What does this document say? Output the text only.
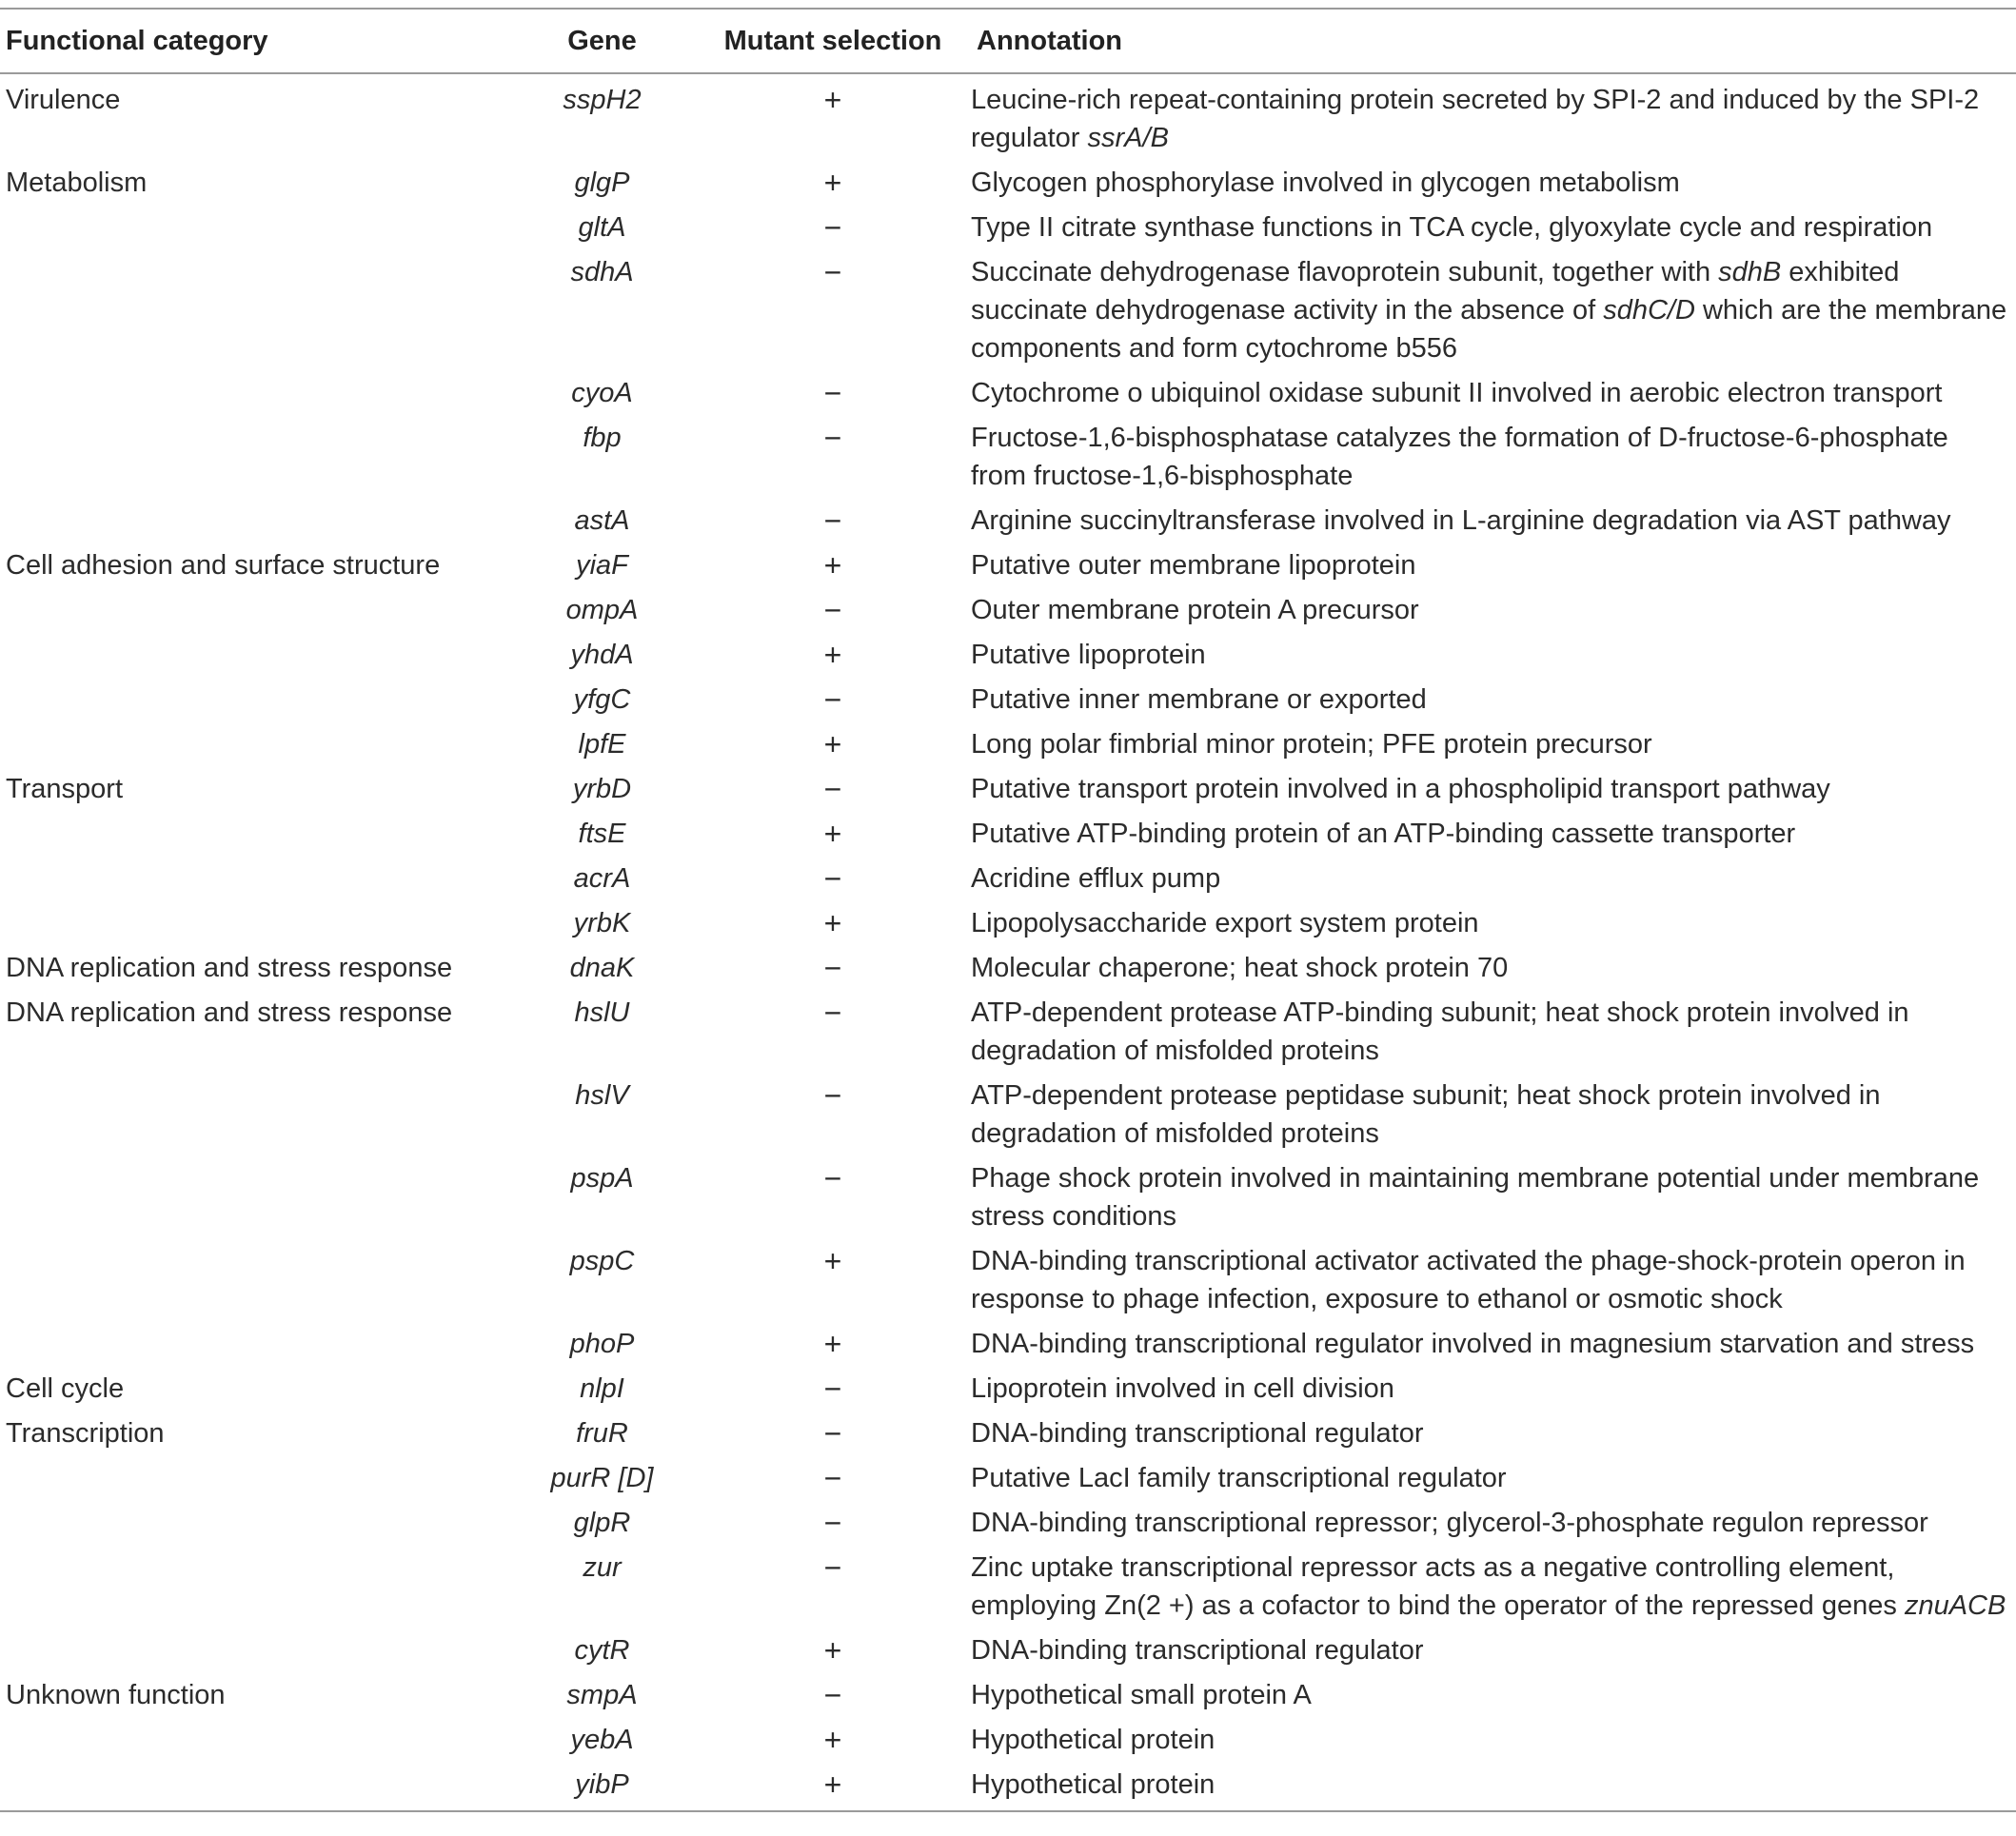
Functional category	Gene	Mutant selection	Annotation
Virulence	sspH2	+	Leucine-rich repeat-containing protein secreted by SPI-2 and induced by the SPI-2 regulator ssrA/B
Metabolism	glgP	+	Glycogen phosphorylase involved in glycogen metabolism
	gltA	−	Type II citrate synthase functions in TCA cycle, glyoxylate cycle and respiration
	sdhA	−	Succinate dehydrogenase flavoprotein subunit, together with sdhB exhibited succinate dehydrogenase activity in the absence of sdhC/D which are the membrane components and form cytochrome b556
	cyoA	−	Cytochrome o ubiquinol oxidase subunit II involved in aerobic electron transport
	fbp	−	Fructose-1,6-bisphosphatase catalyzes the formation of D-fructose-6-phosphate from fructose-1,6-bisphosphate
	astA	−	Arginine succinyltransferase involved in L-arginine degradation via AST pathway
Cell adhesion and surface structure	yiaF	+	Putative outer membrane lipoprotein
	ompA	−	Outer membrane protein A precursor
	yhdA	+	Putative lipoprotein
	yfgC	−	Putative inner membrane or exported
	lpfE	+	Long polar fimbrial minor protein; PFE protein precursor
Transport	yrbD	−	Putative transport protein involved in a phospholipid transport pathway
	ftsE	+	Putative ATP-binding protein of an ATP-binding cassette transporter
	acrA	−	Acridine efflux pump
	yrbK	+	Lipopolysaccharide export system protein
DNA replication and stress response	dnaK	−	Molecular chaperone; heat shock protein 70
DNA replication and stress response	hslU	−	ATP-dependent protease ATP-binding subunit; heat shock protein involved in degradation of misfolded proteins
	hslV	−	ATP-dependent protease peptidase subunit; heat shock protein involved in degradation of misfolded proteins
	pspA	−	Phage shock protein involved in maintaining membrane potential under membrane stress conditions
	pspC	+	DNA-binding transcriptional activator activated the phage-shock-protein operon in response to phage infection, exposure to ethanol or osmotic shock
	phoP	+	DNA-binding transcriptional regulator involved in magnesium starvation and stress
Cell cycle	nlpI	−	Lipoprotein involved in cell division
Transcription	fruR	−	DNA-binding transcriptional regulator
	purR [D]	−	Putative LacI family transcriptional regulator
	glpR	−	DNA-binding transcriptional repressor; glycerol-3-phosphate regulon repressor
	zur	−	Zinc uptake transcriptional repressor acts as a negative controlling element, employing Zn(2 +) as a cofactor to bind the operator of the repressed genes znuACB
	cytR	+	DNA-binding transcriptional regulator
Unknown function	smpA	−	Hypothetical small protein A
	yebA	+	Hypothetical protein
	yibP	+	Hypothetical protein
